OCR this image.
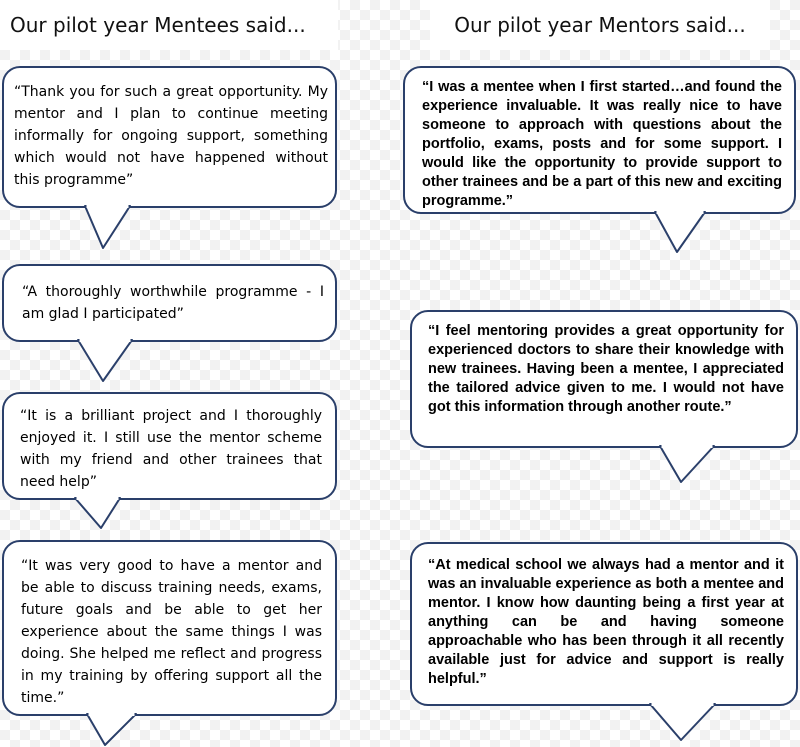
Our pilot year Mentees said...	Our pilot year Mentors said...

“Thank you for such a great opportunity. My mentor and I plan to continue meeting informally for ongoing support, something which would not have happened without this programme”

“A thoroughly worthwhile programme - I am glad I participated”

“It is a brilliant project and I thoroughly enjoyed it. I still use the mentor scheme with my friend and other trainees that need help”

“It was very good to have a mentor and be able to discuss training needs, exams, future goals and be able to get her experience about the same things I was doing. She helped me reflect and progress in my training by offering support all the time.”

“I was a mentee when I first started…and found the experience invaluable. It was really nice to have someone to approach with questions about the portfolio, exams, posts and for some support. I would like the opportunity to provide support to other trainees and be a part of this new and exciting programme.”

“I feel mentoring provides a great opportunity for experienced doctors to share their knowledge with new trainees. Having been a mentee, I appreciated the tailored advice given to me. I would not have got this information through another route.”

“At medical school we always had a mentor and it was an invaluable experience as both a mentee and mentor. I know how daunting being a first year at anything can be and having someone approachable who has been through it all recently available just for advice and support is really helpful.”
